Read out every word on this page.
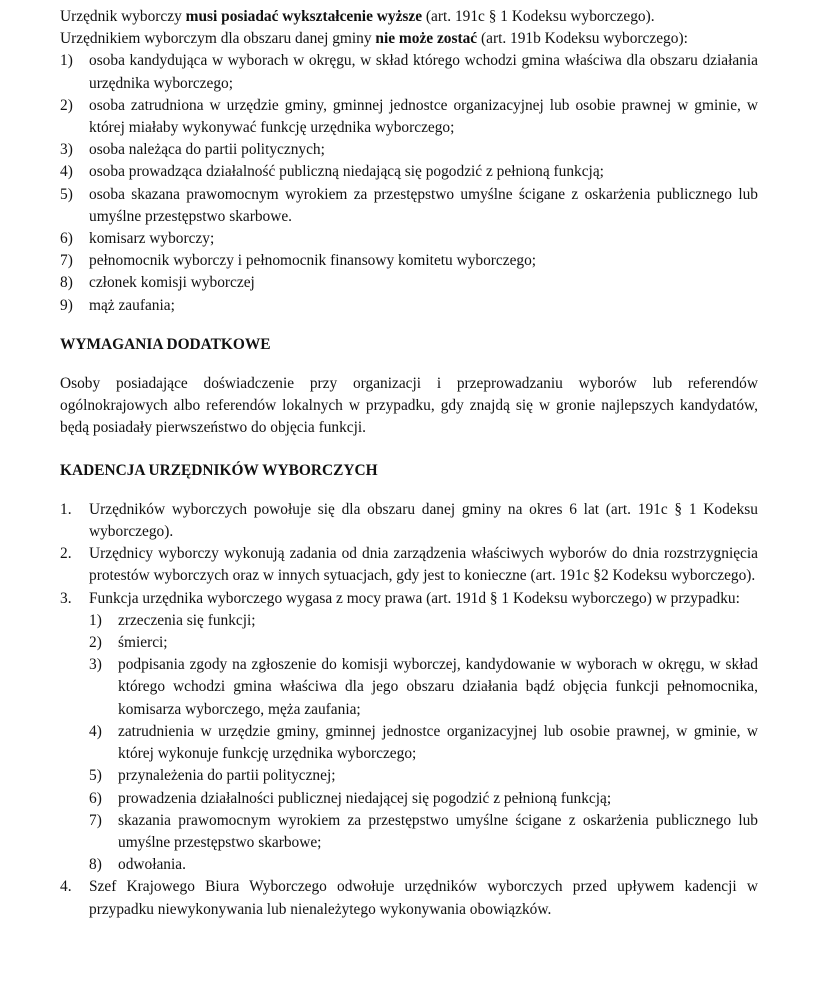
Urzędnik wyborczy musi posiadać wykształcenie wyższe (art. 191c § 1 Kodeksu wyborczego).

Urzędnikiem wyborczym dla obszaru danej gminy nie może zostać (art. 191b Kodeksu wyborczego):

1) osoba kandydująca w wyborach w okręgu, w skład którego wchodzi gmina właściwa dla obszaru działania urzędnika wyborczego;
2) osoba zatrudniona w urzędzie gminy, gminnej jednostce organizacyjnej lub osobie prawnej w gminie, w której miałaby wykonywać funkcję urzędnika wyborczego;
3) osoba należąca do partii politycznych;
4) osoba prowadząca działalność publiczną niedającą się pogodzić z pełnioną funkcją;
5) osoba skazana prawomocnym wyrokiem za przestępstwo umyślne ścigane z oskarżenia publicznego lub umyślne przestępstwo skarbowe.
6) komisarz wyborczy;
7) pełnomocnik wyborczy i pełnomocnik finansowy komitetu wyborczego;
8) członek komisji wyborczej
9) mąż zaufania;
WYMAGANIA DODATKOWE

Osoby posiadające doświadczenie przy organizacji i przeprowadzaniu wyborów lub referendów ogólnokrajowych albo referendów lokalnych w przypadku, gdy znajdą się w gronie najlepszych kandydatów, będą posiadały pierwszeństwo do objęcia funkcji.

KADENCJA URZĘDNIKÓW WYBORCZYCH
1. Urzędników wyborczych powołuje się dla obszaru danej gminy na okres 6 lat (art. 191c § 1 Kodeksu wyborczego).
2. Urzędnicy wyborczy wykonują zadania od dnia zarządzenia właściwych wyborów do dnia rozstrzygnięcia protestów wyborczych oraz w innych sytuacjach, gdy jest to konieczne (art. 191c §2 Kodeksu wyborczego).
3. Funkcja urzędnika wyborczego wygasa z mocy prawa (art. 191d § 1 Kodeksu wyborczego) w przypadku:
1) zrzeczenia się funkcji;
2) śmierci;
3) podpisania zgody na zgłoszenie do komisji wyborczej, kandydowanie w wyborach w okręgu, w skład którego wchodzi gmina właściwa dla jego obszaru działania bądź objęcia funkcji pełnomocnika, komisarza wyborczego, męża zaufania;
4) zatrudnienia w urzędzie gminy, gminnej jednostce organizacyjnej lub osobie prawnej, w gminie, w której wykonuje funkcję urzędnika wyborczego;
5) przynależenia do partii politycznej;
6) prowadzenia działalności publicznej niedającej się pogodzić z pełnioną funkcją;
7) skazania prawomocnym wyrokiem za przestępstwo umyślne ścigane z oskarżenia publicznego lub umyślne przestępstwo skarbowe;
8) odwołania.
4. Szef Krajowego Biura Wyborczego odwołuje urzędników wyborczych przed upływem kadencji w przypadku niewykonywania lub nienależytego wykonywania obowiązków.
